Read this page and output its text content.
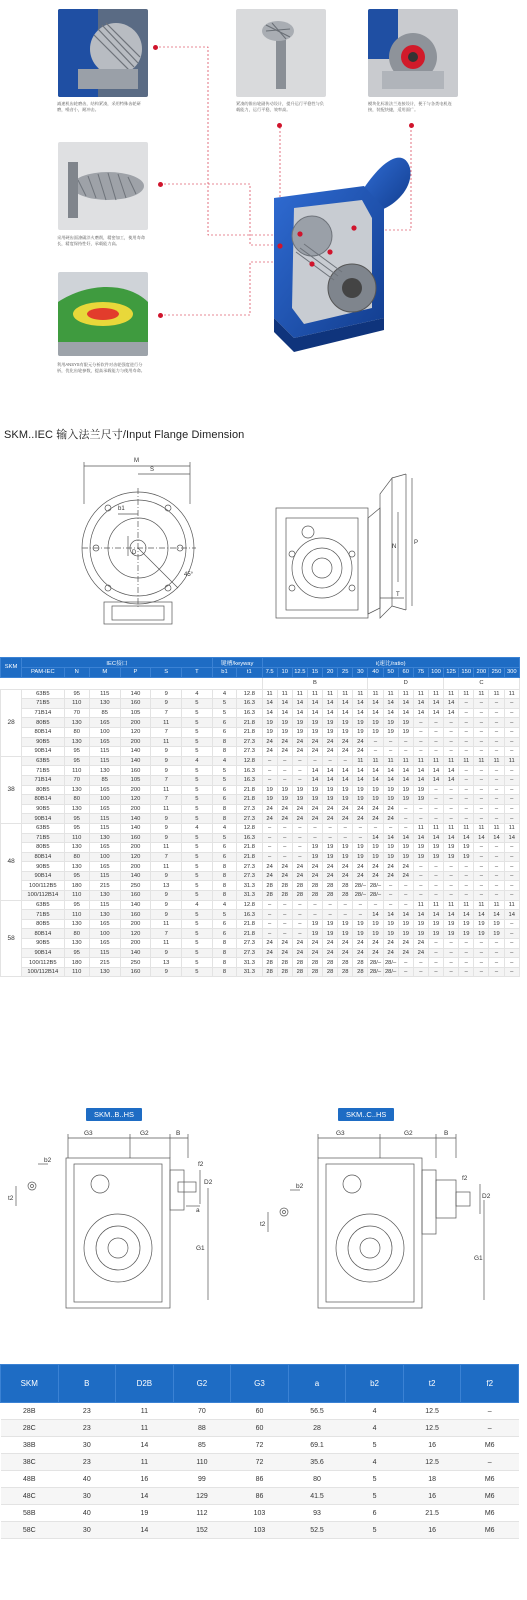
减速机齿轮磨齿，结构紧凑，采用特殊齿轮研磨，噪音小，耐冲击。
紧凑的锥齿轮副传动设计，提升运行平稳性与负载能力，运行平稳，效率高。
模块化标准法兰连接设计，便于与各类电机连接，装配快捷，适用面广。
采用硬齿面渗碳淬火磨削，精密加工，使用寿命长，精度保持性好，承载能力高。
利用ANSYS有限元分析软件对齿轮强度进行分析，优化齿轮参数，提高承载能力与使用寿命。
SKM..IEC 输入法兰尺寸/Input Flange Dimension
M
S
b1
D
45°
N
P
T
SKM	IEC接口						键槽/keyway		i(速比/ratio)																
	PAM-IEC	N	M	P	S	T	b1	t1	7.5	10	12.5	15	20	25	30	40	50	60	75	100	125	150	200	250	300
									B							D					C				
28	63B5	95	115	140	9	4	4	12.8	11	11	11	11	11	11	11	11	11	11	11	11	11	11	11	11	11
	71B5	110	130	160	9	5	5	16.3	14	14	14	14	14	14	14	14	14	14	14	14	14	–	–	–	–
	71B14	70	85	105	7	5	5	16.3	14	14	14	14	14	14	14	14	14	14	14	14	14	–	–	–	–
	80B5	130	165	200	11	5	6	21.8	19	19	19	19	19	19	19	19	19	19	–	–	–	–	–	–	–
	80B14	80	100	120	7	5	6	21.8	19	19	19	19	19	19	19	19	19	19	–	–	–	–	–	–	–
	90B5	130	165	200	11	5	8	27.3	24	24	24	24	24	24	24	–	–	–	–	–	–	–	–	–	–
	90B14	95	115	140	9	5	8	27.3	24	24	24	24	24	24	24	–	–	–	–	–	–	–	–	–	–
38	63B5	95	115	140	9	4	4	12.8	–	–	–	–	–	–	11	11	11	11	11	11	11	11	11	11	11
	71B5	110	130	160	9	5	5	16.3	–	–	–	14	14	14	14	14	14	14	14	14	14	–	–	–	–
	71B14	70	85	105	7	5	5	16.3	–	–	–	14	14	14	14	14	14	14	14	14	14	–	–	–	–
	80B5	130	165	200	11	5	6	21.8	19	19	19	19	19	19	19	19	19	19	19	–	–	–	–	–	–
	80B14	80	100	120	7	5	6	21.8	19	19	19	19	19	19	19	19	19	19	19	–	–	–	–	–	–
	90B5	130	165	200	11	5	8	27.3	24	24	24	24	24	24	24	24	24	–	–	–	–	–	–	–	–
	90B14	95	115	140	9	5	8	27.3	24	24	24	24	24	24	24	24	24	–	–	–	–	–	–	–	–
48	63B5	95	115	140	9	4	4	12.8	–	–	–	–	–	–	–	–	–	–	11	11	11	11	11	11	11
	71B5	110	130	160	9	5	5	16.3	–	–	–	–	–	–	–	14	14	14	14	14	14	14	14	14	14
	80B5	130	165	200	11	5	6	21.8	–	–	–	19	19	19	19	19	19	19	19	19	19	19	–	–	–
	80B14	80	100	120	7	5	6	21.8	–	–	–	19	19	19	19	19	19	19	19	19	19	19	–	–	–
	90B5	130	165	200	11	5	8	27.3	24	24	24	24	24	24	24	24	24	24	–	–	–	–	–	–	–
	90B14	95	115	140	9	5	8	27.3	24	24	24	24	24	24	24	24	24	24	–	–	–	–	–	–	–
	100/112B5	180	215	250	13	5	8	31.3	28	28	28	28	28	28	28/–	28/–	–	–	–	–	–	–	–	–	–
	100/112B14	110	130	160	9	5	8	31.3	28	28	28	28	28	28	28/–	28/–	–	–	–	–	–	–	–	–	–
58	63B5	95	115	140	9	4	4	12.8	–	–	–	–	–	–	–	–	–	–	11	11	11	11	11	11	11
	71B5	110	130	160	9	5	5	16.3	–	–	–	–	–	–	–	14	14	14	14	14	14	14	14	14	14
	80B5	130	165	200	11	5	6	21.8	–	–	–	19	19	19	19	19	19	19	19	19	19	19	19	19	–
	80B14	80	100	120	7	5	6	21.8	–	–	–	19	19	19	19	19	19	19	19	19	19	19	19	19	–
	90B5	130	165	200	11	5	8	27.3	24	24	24	24	24	24	24	24	24	24	24	–	–	–	–	–	–
	90B14	95	115	140	9	5	8	27.3	24	24	24	24	24	24	24	24	24	24	24	–	–	–	–	–	–
	100/112B5	180	215	250	13	5	8	31.3	28	28	28	28	28	28	28	28/–	28/–	–	–	–	–	–	–	–	–
	100/112B14	110	130	160	9	5	8	31.3	28	28	28	28	28	28	28	28/–	28/–	–	–	–	–	–	–	–	–
SKM..B..HS	SKM..C..HS
G3	G2	B
f2
D2
b2
t2
a
G1
G3	G2	B
f2
D2
b2
t2
G1
SKM	B	D2B	G2	G3	a	b2	t2	f2
28B	23	11	70	60	56.5	4	12.5	–
28C	23	11	88	60	28	4	12.5	–
38B	30	14	85	72	69.1	5	16	M6
38C	23	11	110	72	35.6	4	12.5	–
48B	40	16	99	86	80	5	18	M6
48C	30	14	129	86	41.5	5	16	M6
58B	40	19	112	103	93	6	21.5	M6
58C	30	14	152	103	52.5	5	16	M6
